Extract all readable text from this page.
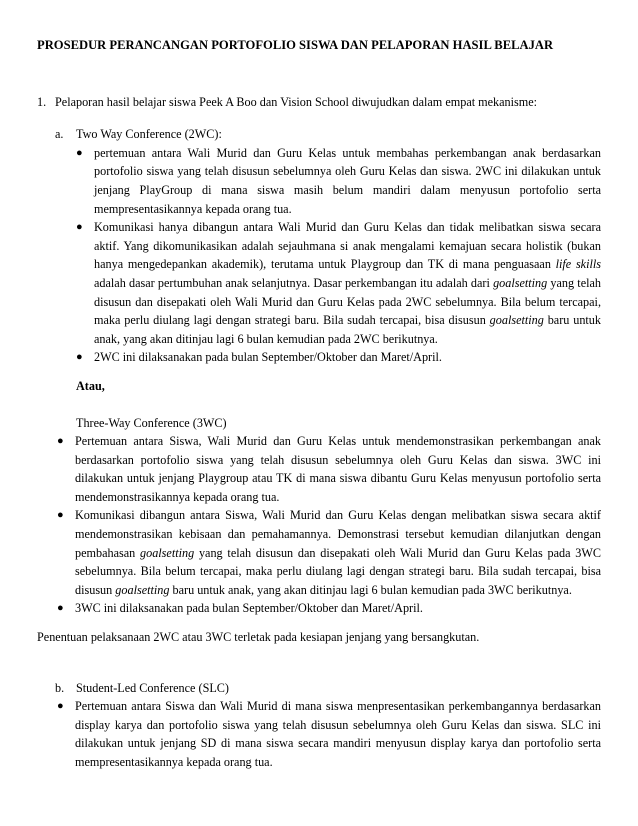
PROSEDUR PERANCANGAN PORTOFOLIO SISWA DAN PELAPORAN HASIL BELAJAR
1. Pelaporan hasil belajar siswa Peek A Boo dan Vision School diwujudkan dalam empat mekanisme:
a. Two Way Conference (2WC):
● pertemuan antara Wali Murid dan Guru Kelas untuk membahas perkembangan anak berdasarkan portofolio siswa yang telah disusun sebelumnya oleh Guru Kelas dan siswa. 2WC ini dilakukan untuk jenjang PlayGroup di mana siswa masih belum mandiri dalam menyusun portofolio serta mempresentasikannya kepada orang tua.
● Komunikasi hanya dibangun antara Wali Murid dan Guru Kelas dan tidak melibatkan siswa secara aktif. Yang dikomunikasikan adalah sejauhmana si anak mengalami kemajuan secara holistik (bukan hanya mengedepankan akademik), terutama untuk Playgroup dan TK di mana penguasaan life skills adalah dasar pertumbuhan anak selanjutnya. Dasar perkembangan itu adalah dari goalsetting yang telah disusun dan disepakati oleh Wali Murid dan Guru Kelas pada 2WC sebelumnya. Bila belum tercapai, maka perlu diulang lagi dengan strategi baru. Bila sudah tercapai, bisa disusun goalsetting baru untuk anak, yang akan ditinjau lagi 6 bulan kemudian pada 2WC berikutnya.
● 2WC ini dilaksanakan pada bulan September/Oktober dan Maret/April.
Atau,
Three-Way Conference (3WC)
● Pertemuan antara Siswa, Wali Murid dan Guru Kelas untuk mendemonstrasikan perkembangan anak berdasarkan portofolio siswa yang telah disusun sebelumnya oleh Guru Kelas dan siswa. 3WC ini dilakukan untuk jenjang Playgroup atau TK di mana siswa dibantu Guru Kelas menyusun portofolio serta mendemonstrasikannya kepada orang tua.
● Komunikasi dibangun antara Siswa, Wali Murid dan Guru Kelas dengan melibatkan siswa secara aktif mendemonstrasikan kebisaan dan pemahamannya. Demonstrasi tersebut kemudian dilanjutkan dengan pembahasan goalsetting yang telah disusun dan disepakati oleh Wali Murid dan Guru Kelas pada 3WC sebelumnya. Bila belum tercapai, maka perlu diulang lagi dengan strategi baru. Bila sudah tercapai, bisa disusun goalsetting baru untuk anak, yang akan ditinjau lagi 6 bulan kemudian pada 3WC berikutnya.
● 3WC ini dilaksanakan pada bulan September/Oktober dan Maret/April.
Penentuan pelaksanaan 2WC atau 3WC terletak pada kesiapan jenjang yang bersangkutan.
b. Student-Led Conference (SLC)
● Pertemuan antara Siswa dan Wali Murid di mana siswa menpresentasikan perkembangannya berdasarkan display karya dan portofolio siswa yang telah disusun sebelumnya oleh Guru Kelas dan siswa. SLC ini dilakukan untuk jenjang SD di mana siswa secara mandiri menyusun display karya dan portofolio serta mempresentasikannya kepada orang tua.
